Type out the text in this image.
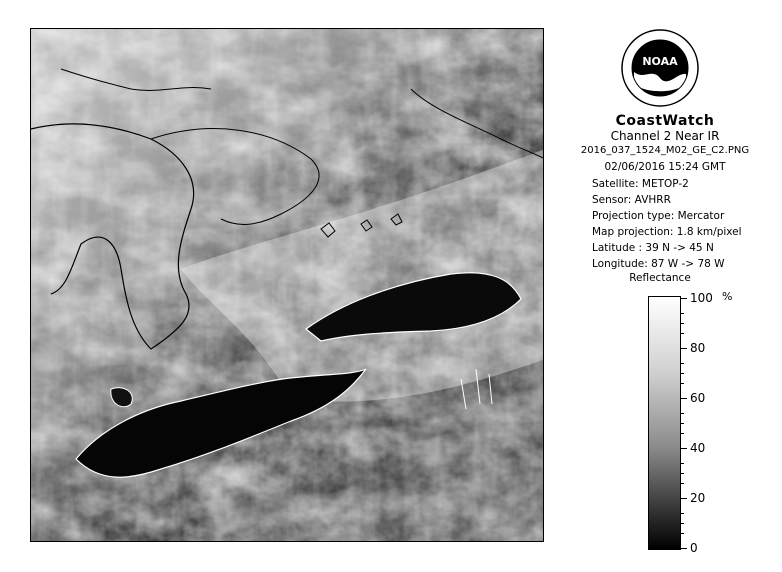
NOAA
CoastWatch
Channel 2 Near IR
2016_037_1524_M02_GE_C2.PNG
02/06/2016 15:24 GMT
Satellite: METOP-2
Sensor: AVHRR
Projection type: Mercator
Map projection: 1.8 km/pixel
Latitude : 39 N -> 45 N
Longitude: 87 W -> 78 W
Reflectance
%
100
80
60
40
20
0
